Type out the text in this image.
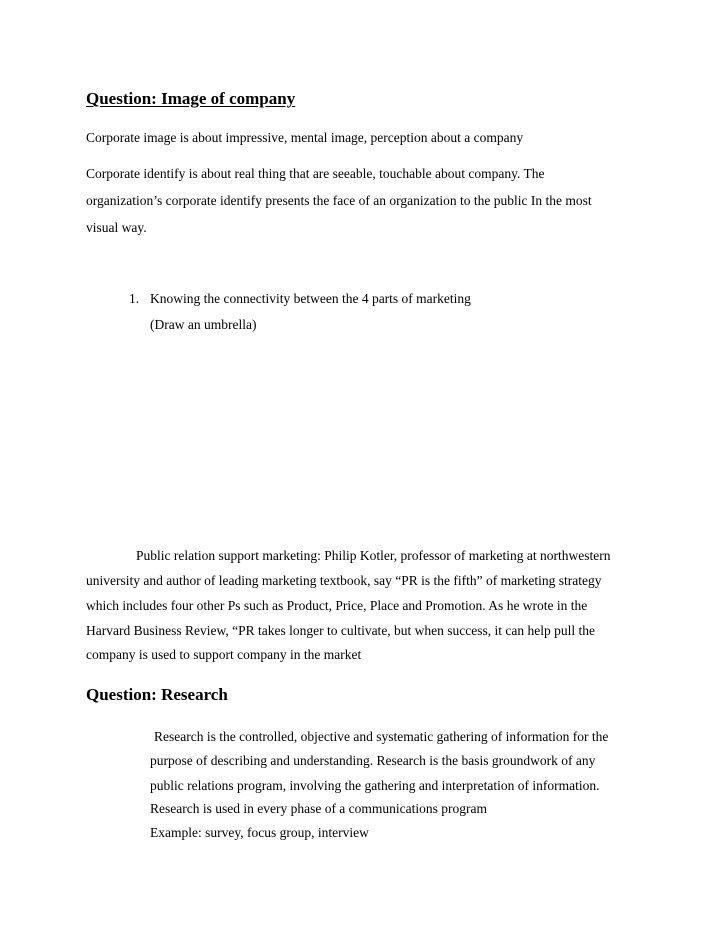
Question: Image of company
Corporate image is about impressive, mental image, perception about a company
Corporate identify is about real thing that are seeable, touchable about company. The
organization’s corporate identify presents the face of an organization to the public In the most
visual way.
1. Knowing the connectivity between the 4 parts of marketing
(Draw an umbrella)
Public relation support marketing: Philip Kotler, professor of marketing at northwestern
university and author of leading marketing textbook, say “PR is the fifth” of marketing strategy
which includes four other Ps such as Product, Price, Place and Promotion. As he wrote in the
Harvard Business Review, “PR takes longer to cultivate, but when success, it can help pull the
company is used to support company in the market
Question: Research
Research is the controlled, objective and systematic gathering of information for the
purpose of describing and understanding. Research is the basis groundwork of any
public relations program, involving the gathering and interpretation of information.
Research is used in every phase of a communications program
Example: survey, focus group, interview
